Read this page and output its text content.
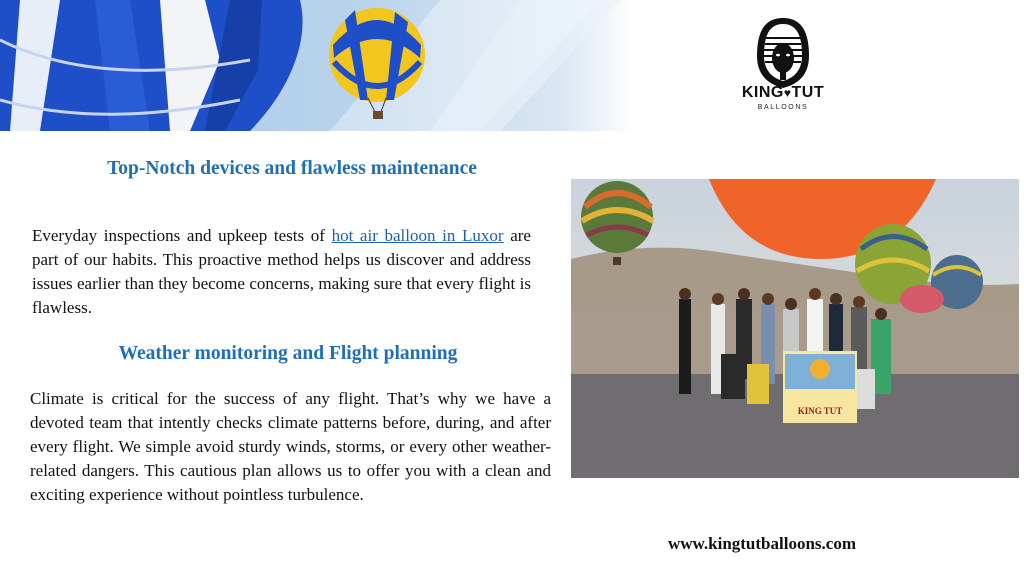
KING♥TUT
BALLOONS
Top-Notch devices and flawless maintenance

Everyday inspections and upkeep tests of hot air balloon in Luxor are part of our habits. This proactive method helps us discover and address issues earlier than they become concerns, making sure that every flight is flawless.

Weather monitoring and Flight planning

Climate is critical for the success of any flight. That’s why we have a devoted team that intently checks climate patterns before, during, and after every flight. We simple avoid sturdy winds, storms, or every other weather-related dangers. This cautious plan allows us to offer you with a clean and exciting experience without pointless turbulence.

KING TUT
www.kingtutballoons.com
